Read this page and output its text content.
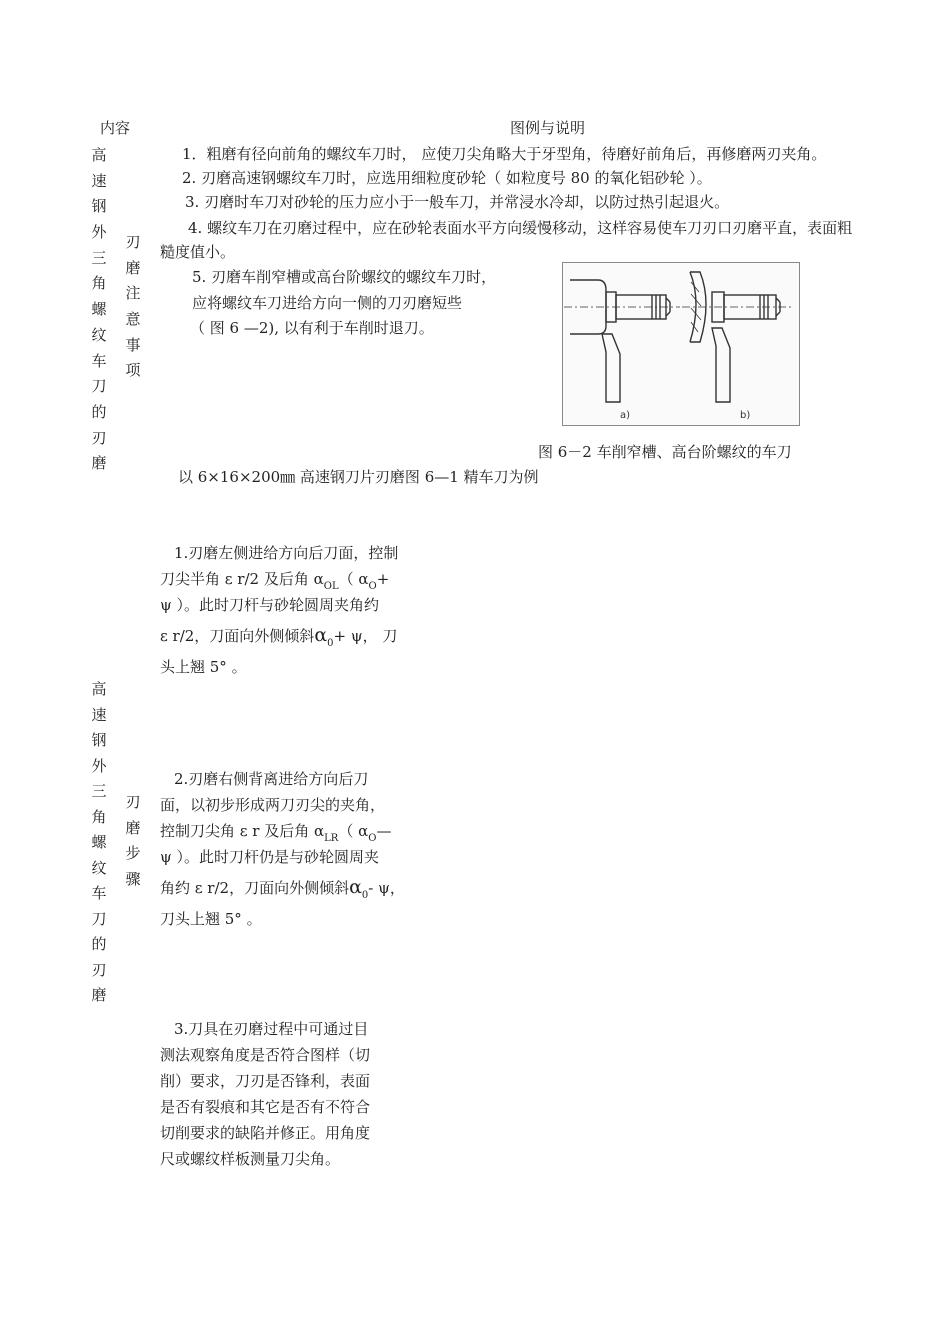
内容	图例与说明
高
速
钢
外
三
角
螺
纹
车
刀
的
刃
磨
刃
磨
注
意
事
项
1．粗磨有径向前角的螺纹车刀时， 应使刀尖角略大于牙型角，待磨好前角后，再修磨两刃夹角。
2. 刃磨高速钢螺纹车刀时，应选用细粒度砂轮（ 如粒度号 80 的氧化铝砂轮 ）。
3. 刃磨时车刀对砂轮的压力应小于一般车刀，并常浸水冷却，以防过热引起退火。
4. 螺纹车刀在刃磨过程中，应在砂轮表面水平方向缓慢移动，这样容易使车刀刃口刃磨平直，表面粗
糙度值小。
5. 刃磨车削窄槽或高台阶螺纹的螺纹车刀时，
应将螺纹车刀进给方向一侧的刀刃磨短些
（ 图 6 —2), 以有利于车削时退刀。
a)	b)
图 6－2 车削窄槽、高台阶螺纹的车刀
以 6×16×200㎜ 高速钢刀片刃磨图 6—1 精车刀为例
高
速
钢
外
三
角
螺
纹
车
刀
的
刃
磨
刃
磨
步
骤
1.刃磨左侧进给方向后刀面，控制
刀尖半角 ε r/2 及后角 $\alpha_{OL}$（ $\alpha_O+$
ψ ）。此时刀杆与砂轮圆周夹角约
ε r/2，刀面向外侧倾斜$\alpha_0+ \psi$， 刀
头上翘 5° 。
2.刃磨右侧背离进给方向后刀
面，以初步形成两刀刃尖的夹角，
控制刀尖角 ε r 及后角 $\alpha_{LR}$（ $\alpha_O—$
ψ ）。此时刀杆仍是与砂轮圆周夹
角约 ε r/2，刀面向外侧倾斜$\alpha_0-$ ψ，
刀头上翘 5° 。
3.刀具在刃磨过程中可通过目
测法观察角度是否符合图样（切
削）要求，刀刃是否锋利，表面
是否有裂痕和其它是否有不符合
切削要求的缺陷并修正。用角度
尺或螺纹样板测量刀尖角。
